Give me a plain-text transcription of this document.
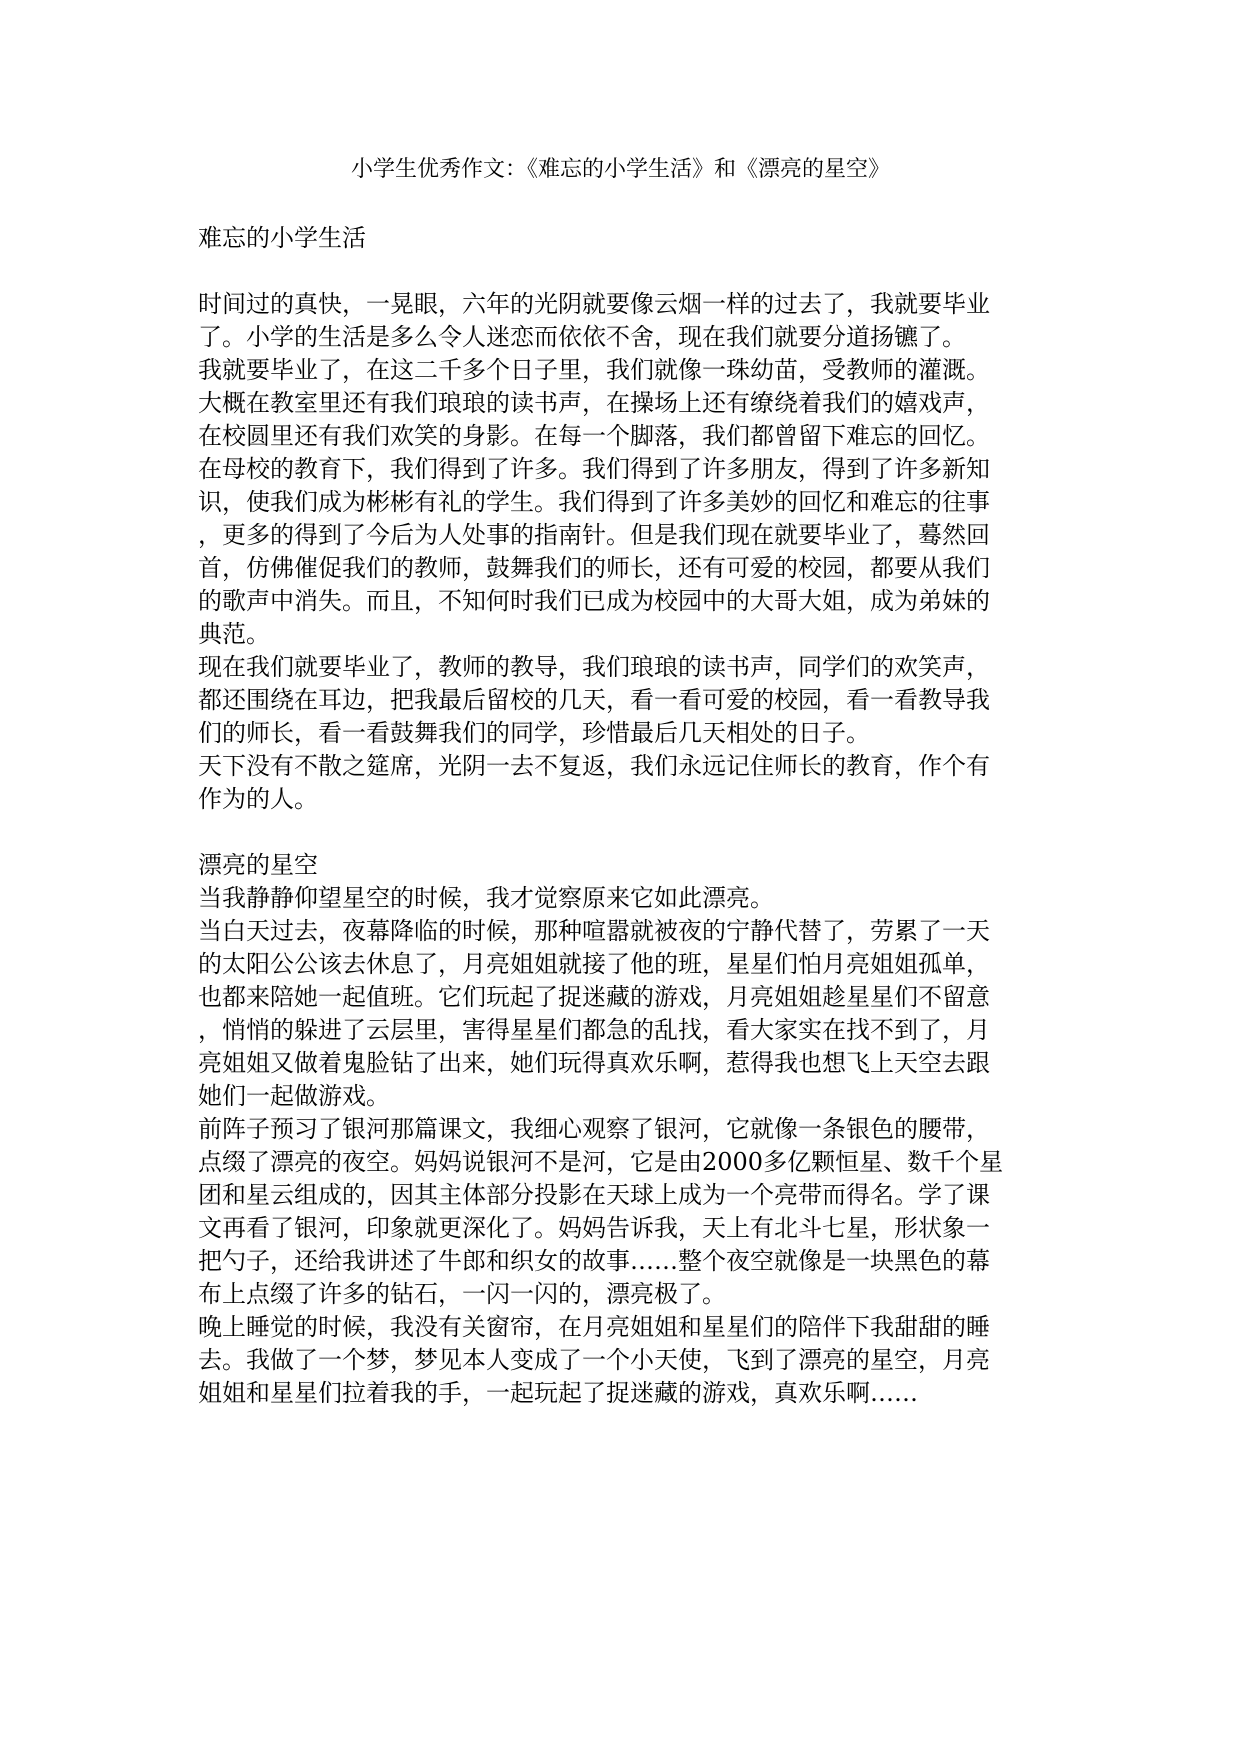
小学生优秀作文：《难忘的小学生活》和《漂亮的星空》
难忘的小学生活

时间过的真快，一晃眼，六年的光阴就要像云烟一样的过去了，我就要毕业
了。小学的生活是多么令人迷恋而依依不舍，现在我们就要分道扬镳了。

我就要毕业了，在这二千多个日子里，我们就像一珠幼苗，受教师的灌溉。
大概在教室里还有我们琅琅的读书声，在操场上还有缭绕着我们的嬉戏声，
在校圆里还有我们欢笑的身影。在每一个脚落，我们都曾留下难忘的回忆。
在母校的教育下，我们得到了许多。我们得到了许多朋友，得到了许多新知
识，使我们成为彬彬有礼的学生。我们得到了许多美妙的回忆和难忘的往事
，更多的得到了今后为人处事的指南针。但是我们现在就要毕业了，蓦然回
首，仿佛催促我们的教师，鼓舞我们的师长，还有可爱的校园，都要从我们
的歌声中消失。而且，不知何时我们已成为校园中的大哥大姐，成为弟妹的
典范。

现在我们就要毕业了，教师的教导，我们琅琅的读书声，同学们的欢笑声，
都还围绕在耳边，把我最后留校的几天，看一看可爱的校园，看一看教导我
们的师长，看一看鼓舞我们的同学，珍惜最后几天相处的日子。

天下没有不散之筵席，光阴一去不复返，我们永远记住师长的教育，作个有
作为的人。

漂亮的星空

当我静静仰望星空的时候，我才觉察原来它如此漂亮。

当白天过去，夜幕降临的时候，那种喧嚣就被夜的宁静代替了，劳累了一天
的太阳公公该去休息了，月亮姐姐就接了他的班，星星们怕月亮姐姐孤单，
也都来陪她一起值班。它们玩起了捉迷藏的游戏，月亮姐姐趁星星们不留意
，悄悄的躲进了云层里，害得星星们都急的乱找，看大家实在找不到了，月
亮姐姐又做着鬼脸钻了出来，她们玩得真欢乐啊，惹得我也想飞上天空去跟
她们一起做游戏。

前阵子预习了银河那篇课文，我细心观察了银河，它就像一条银色的腰带，
点缀了漂亮的夜空。妈妈说银河不是河，它是由2000多亿颗恒星、数千个星
团和星云组成的，因其主体部分投影在天球上成为一个亮带而得名。学了课
文再看了银河，印象就更深化了。妈妈告诉我，天上有北斗七星，形状象一
把勺子，还给我讲述了牛郎和织女的故事……整个夜空就像是一块黑色的幕
布上点缀了许多的钻石，一闪一闪的，漂亮极了。

晚上睡觉的时候，我没有关窗帘，在月亮姐姐和星星们的陪伴下我甜甜的睡
去。我做了一个梦，梦见本人变成了一个小天使，飞到了漂亮的星空，月亮
姐姐和星星们拉着我的手，一起玩起了捉迷藏的游戏，真欢乐啊……
